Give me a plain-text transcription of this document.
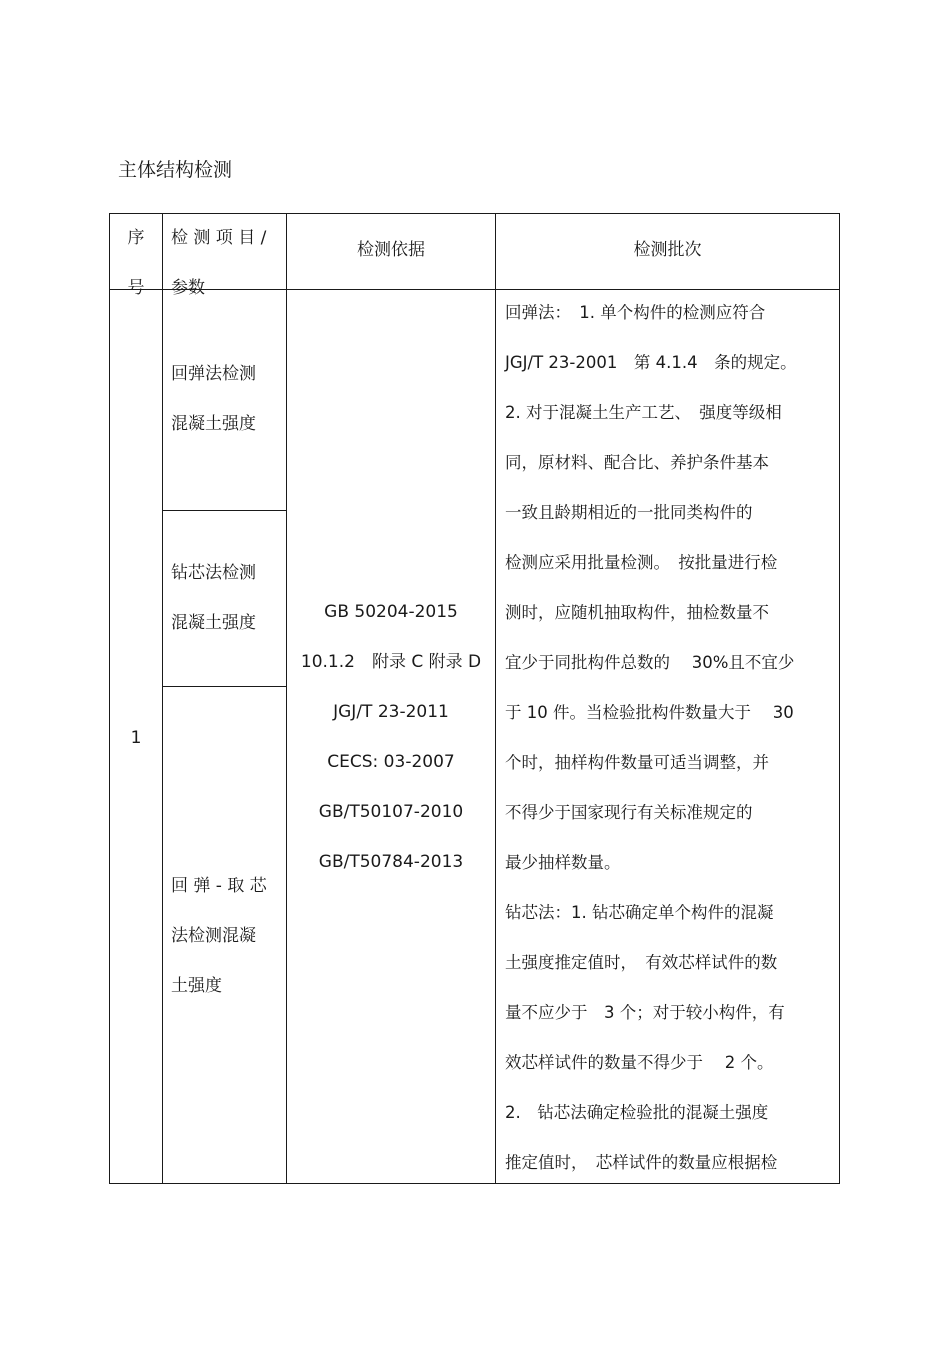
主体结构检测
序
号
检 测 项 目 /
参数
检测依据	检测批次
1
回弹法检测
混凝土强度
钻芯法检测
混凝土强度
回 弹 - 取 芯
法检测混凝
土强度
GB 50204-2015
10.1.2　附录 C 附录 D
JGJ/T 23-2011
CECS: 03-2007
GB/T50107-2010
GB/T50784-2013
回弹法：　1. 单个构件的检测应符合
JGJ/T 23-2001　第 4.1.4　条的规定。
2. 对于混凝土生产工艺、　强度等级相
同，原材料、配合比、养护条件基本
一致且龄期相近的一批同类构件的
检测应采用批量检测。　按批量进行检
测时，应随机抽取构件，抽检数量不
宜少于同批构件总数的　 30%且不宜少
于 10 件。当检验批构件数量大于　 30
个时，抽样构件数量可适当调整，并
不得少于国家现行有关标准规定的
最少抽样数量。
钻芯法：1. 钻芯确定单个构件的混凝
土强度推定值时，　有效芯样试件的数
量不应少于　3 个；对于较小构件，有
效芯样试件的数量不得少于　 2 个。
2.　钻芯法确定检验批的混凝土强度
推定值时，　芯样试件的数量应根据检
